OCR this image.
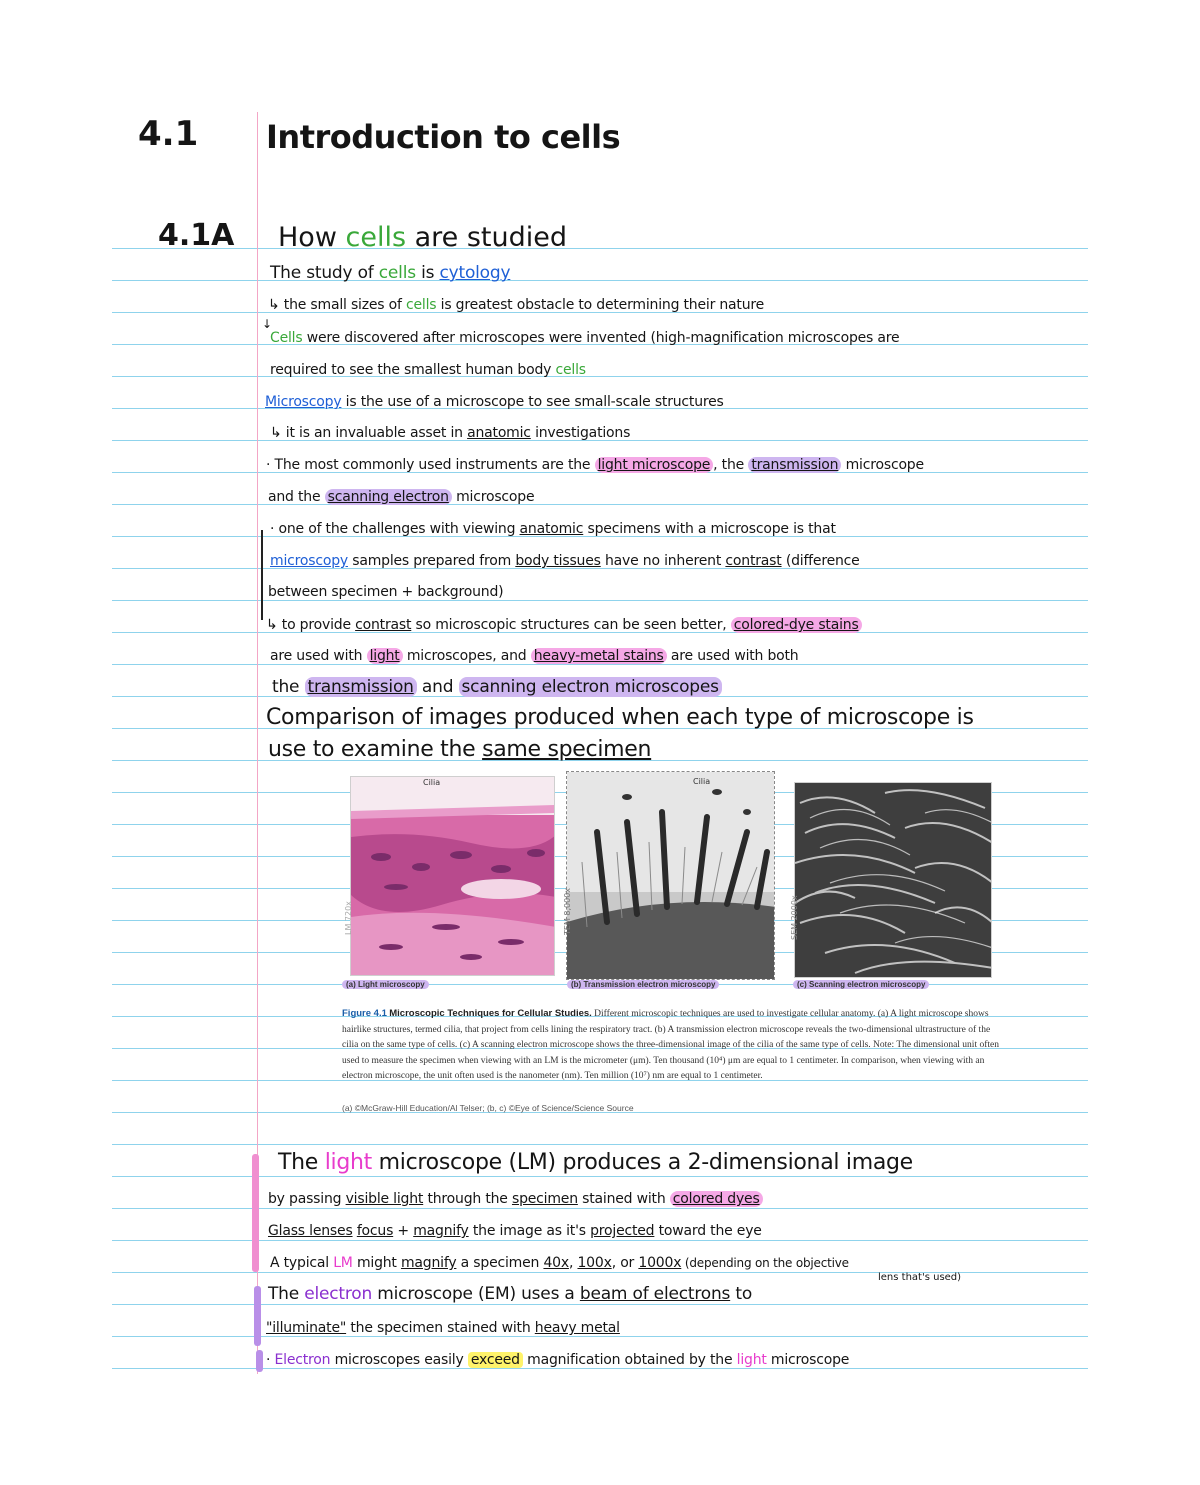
4.1 Introduction to cells
4.1A How cells are studied
The study of cells is cytology
↳ the small sizes of cells is greatest obstacle to determining their nature
↓
Cells were discovered after microscopes were invented (high-magnification microscopes are
required to see the smallest human body cells
Microscopy is the use of a microscope to see small-scale structures
↳ it is an invaluable asset in anatomic investigations
· The most commonly used instruments are the light microscope , the transmission microscope
and the scanning electron microscope
· one of the challenges with viewing anatomic specimens with a microscope is that
microscopy samples prepared from body tissues have no inherent contrast (difference
between specimen + background)
↳ to provide contrast so microscopic structures can be seen better, colored-dye stains
are used with light microscopes, and heavy-metal stains are used with both
the transmission and scanning electron microscopes
Comparison of images produced when each type of microscope is
use to examine the same specimen
Cilia
LM 720x
Cilia
TEM 8,000x	SEM 2000x
(a) Light microscopy	(b) Transmission electron microscopy	(c) Scanning electron microscopy
Figure 4.1 Microscopic Techniques for Cellular Studies. Different microscopic techniques are used to investigate cellular anatomy. (a) A light microscope shows hairlike structures, termed cilia, that project from cells lining the respiratory tract. (b) A transmission electron microscope reveals the two-dimensional ultrastructure of the cilia on the same type of cells. (c) A scanning electron microscope shows the three-dimensional image of the cilia of the same type of cells. Note: The dimensional unit often used to measure the specimen when viewing with an LM is the micrometer (μm). Ten thousand (10⁴) μm are equal to 1 centimeter. In comparison, when viewing with an electron microscope, the unit often used is the nanometer (nm). Ten million (10⁷) nm are equal to 1 centimeter.
(a) ©McGraw-Hill Education/Al Telser; (b, c) ©Eye of Science/Science Source
The light microscope (LM) produces a 2-dimensional image
by passing visible light through the specimen stained with colored dyes
Glass lenses focus + magnify the image as it's projected toward the eye
A typical LM might magnify a specimen 40x, 100x, or 1000x (depending on the objective
lens that's used)
The electron microscope (EM) uses a beam of electrons to
"illuminate" the specimen stained with heavy metal
· Electron microscopes easily exceed magnification obtained by the light microscope
